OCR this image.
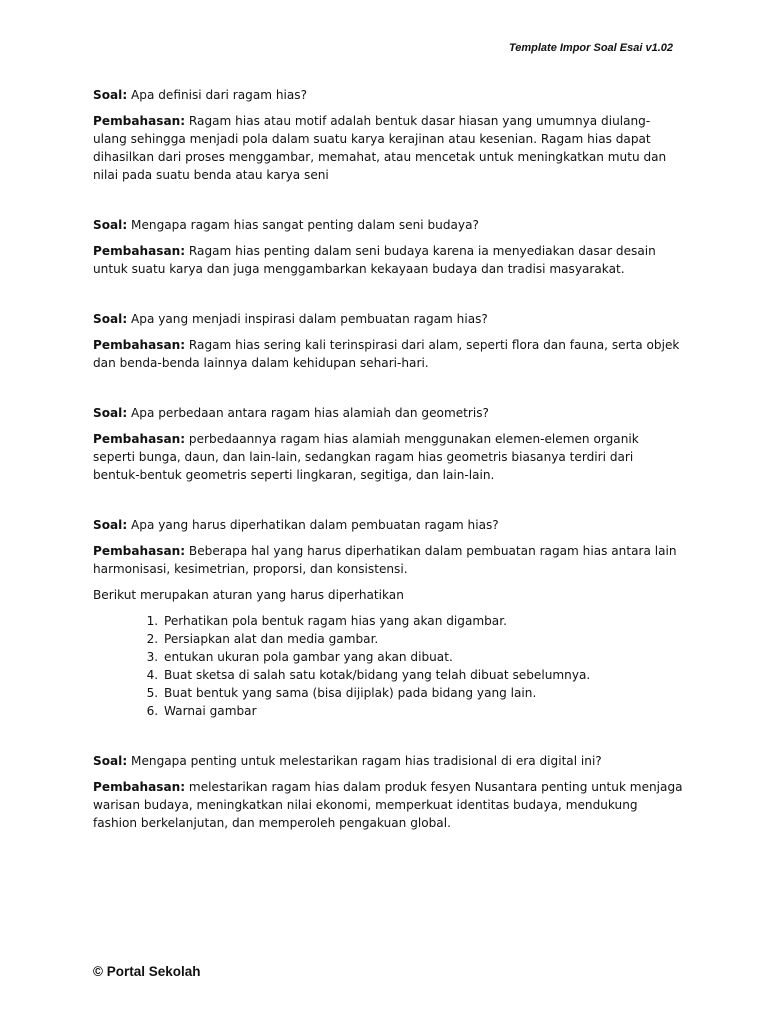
Template Impor Soal Esai v1.02

Soal: Apa definisi dari ragam hias?

Pembahasan: Ragam hias atau motif adalah bentuk dasar hiasan yang umumnya diulang-ulang sehingga menjadi pola dalam suatu karya kerajinan atau kesenian. Ragam hias dapat dihasilkan dari proses menggambar, memahat, atau mencetak untuk meningkatkan mutu dan nilai pada suatu benda atau karya seni

Soal: Mengapa ragam hias sangat penting dalam seni budaya?

Pembahasan: Ragam hias penting dalam seni budaya karena ia menyediakan dasar desain untuk suatu karya dan juga menggambarkan kekayaan budaya dan tradisi masyarakat.

Soal: Apa yang menjadi inspirasi dalam pembuatan ragam hias?

Pembahasan: Ragam hias sering kali terinspirasi dari alam, seperti flora dan fauna, serta objek dan benda-benda lainnya dalam kehidupan sehari-hari.

Soal: Apa perbedaan antara ragam hias alamiah dan geometris?

Pembahasan: perbedaannya ragam hias alamiah menggunakan elemen-elemen organik seperti bunga, daun, dan lain-lain, sedangkan ragam hias geometris biasanya terdiri dari bentuk-bentuk geometris seperti lingkaran, segitiga, dan lain-lain.

Soal: Apa yang harus diperhatikan dalam pembuatan ragam hias?

Pembahasan: Beberapa hal yang harus diperhatikan dalam pembuatan ragam hias antara lain harmonisasi, kesimetrian, proporsi, dan konsistensi.

Berikut merupakan aturan yang harus diperhatikan

1. Perhatikan pola bentuk ragam hias yang akan digambar.
2. Persiapkan alat dan media gambar.
3. entukan ukuran pola gambar yang akan dibuat.
4. Buat sketsa di salah satu kotak/bidang yang telah dibuat sebelumnya.
5. Buat bentuk yang sama (bisa dijiplak) pada bidang yang lain.
6. Warnai gambar

Soal: Mengapa penting untuk melestarikan ragam hias tradisional di era digital ini?

Pembahasan: melestarikan ragam hias dalam produk fesyen Nusantara penting untuk menjaga warisan budaya, meningkatkan nilai ekonomi, memperkuat identitas budaya, mendukung fashion berkelanjutan, dan memperoleh pengakuan global.

© Portal Sekolah
